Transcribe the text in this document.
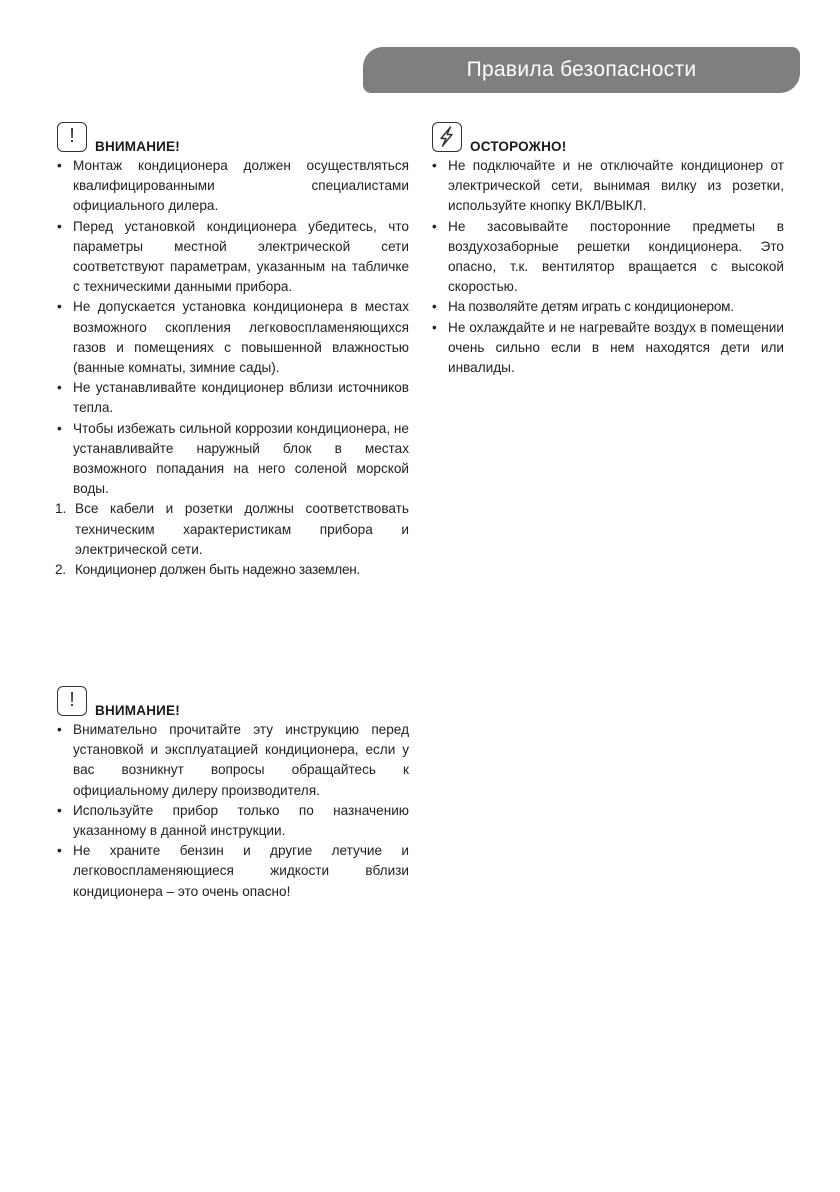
Правила безопасности
!	ВНИМАНИЕ!
• Монтаж кондиционера должен осуществляться квалифицированными специалистами официального дилера.
• Перед установкой кондиционера убедитесь, что параметры местной электрической сети соответствуют параметрам, указанным на табличке с техническими данными прибора.
• Не допускается установка кондиционера в местах возможного скопления легковоспламеняющихся газов и помещениях с повышенной влажностью (ванные комнаты, зимние сады).
• Не устанавливайте кондиционер вблизи источников тепла.
• Чтобы избежать сильной коррозии кондиционера, не устанавливайте наружный блок в местах возможного попадания на него соленой морской воды.
1. Все кабели и розетки должны соответствовать техническим характеристикам прибора и электрической сети.
2. Кондиционер должен быть надежно заземлен.
!	ВНИМАНИЕ!
• Внимательно прочитайте эту инструкцию перед установкой и эксплуатацией кондиционера, если у вас возникнут вопросы обращайтесь к официальному дилеру производителя.
• Используйте прибор только по назначению указанному в данной инструкции.
• Не храните бензин и другие летучие и легковоспламеняющиеся жидкости вблизи кондиционера – это очень опасно!
ОСТОРОЖНО!
• Не подключайте и не отключайте кондиционер от электрической сети, вынимая вилку из розетки, используйте кнопку ВКЛ/ВЫКЛ.
• Не засовывайте посторонние предметы в воздухозаборные решетки кондиционера. Это опасно, т.к. вентилятор вращается с высокой скоростью.
• На позволяйте детям играть с кондиционером.
• Не охлаждайте и не нагревайте воздух в помещении очень сильно если в нем находятся дети или инвалиды.
